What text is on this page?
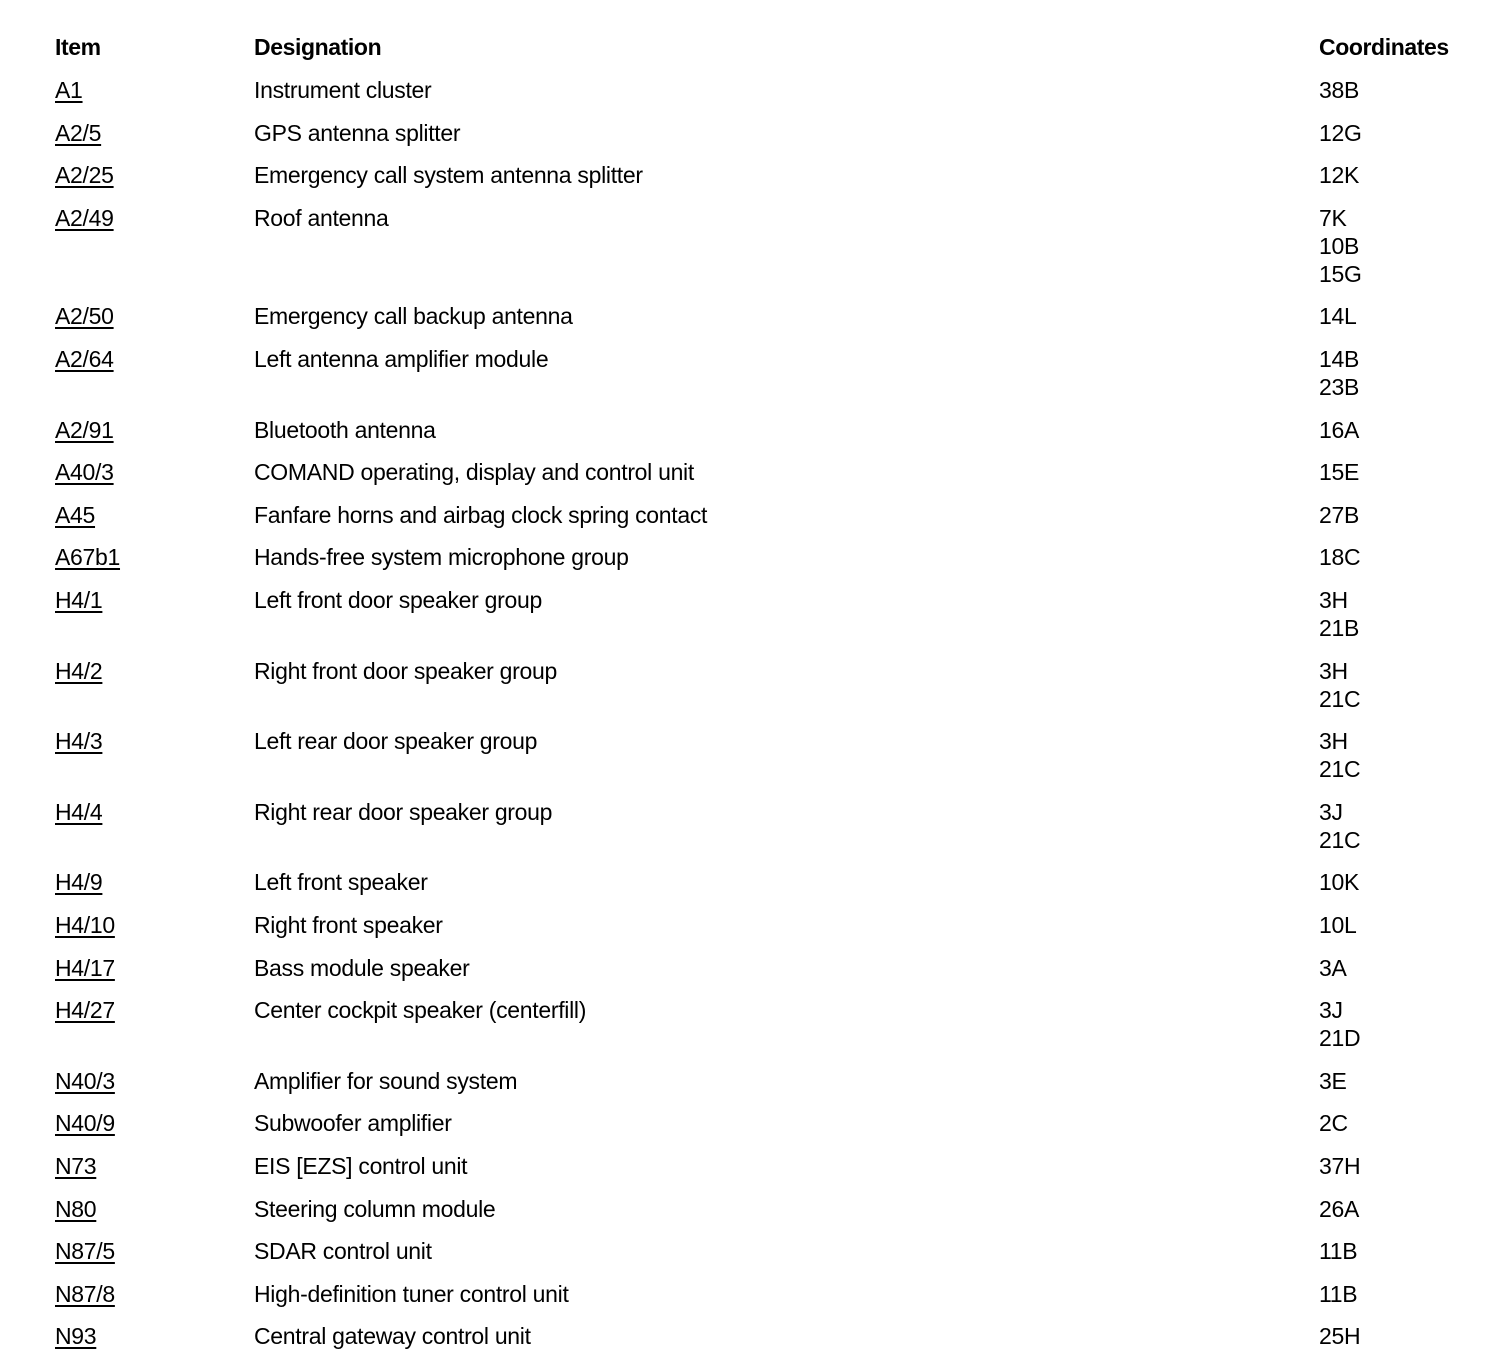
Item	Designation	Coordinates
A1	Instrument cluster	38B
A2/5	GPS antenna splitter	12G
A2/25	Emergency call system antenna splitter	12K
A2/49	Roof antenna	7K
10B
15G
A2/50	Emergency call backup antenna	14L
A2/64	Left antenna amplifier module	14B
23B
A2/91	Bluetooth antenna	16A
A40/3	COMAND operating, display and control unit	15E
A45	Fanfare horns and airbag clock spring contact	27B
A67b1	Hands-free system microphone group	18C
H4/1	Left front door speaker group	3H
21B
H4/2	Right front door speaker group	3H
21C
H4/3	Left rear door speaker group	3H
21C
H4/4	Right rear door speaker group	3J
21C
H4/9	Left front speaker	10K
H4/10	Right front speaker	10L
H4/17	Bass module speaker	3A
H4/27	Center cockpit speaker (centerfill)	3J
21D
N40/3	Amplifier for sound system	3E
N40/9	Subwoofer amplifier	2C
N73	EIS [EZS] control unit	37H
N80	Steering column module	26A
N87/5	SDAR control unit	11B
N87/8	High-definition tuner control unit	11B
N93	Central gateway control unit	25H
